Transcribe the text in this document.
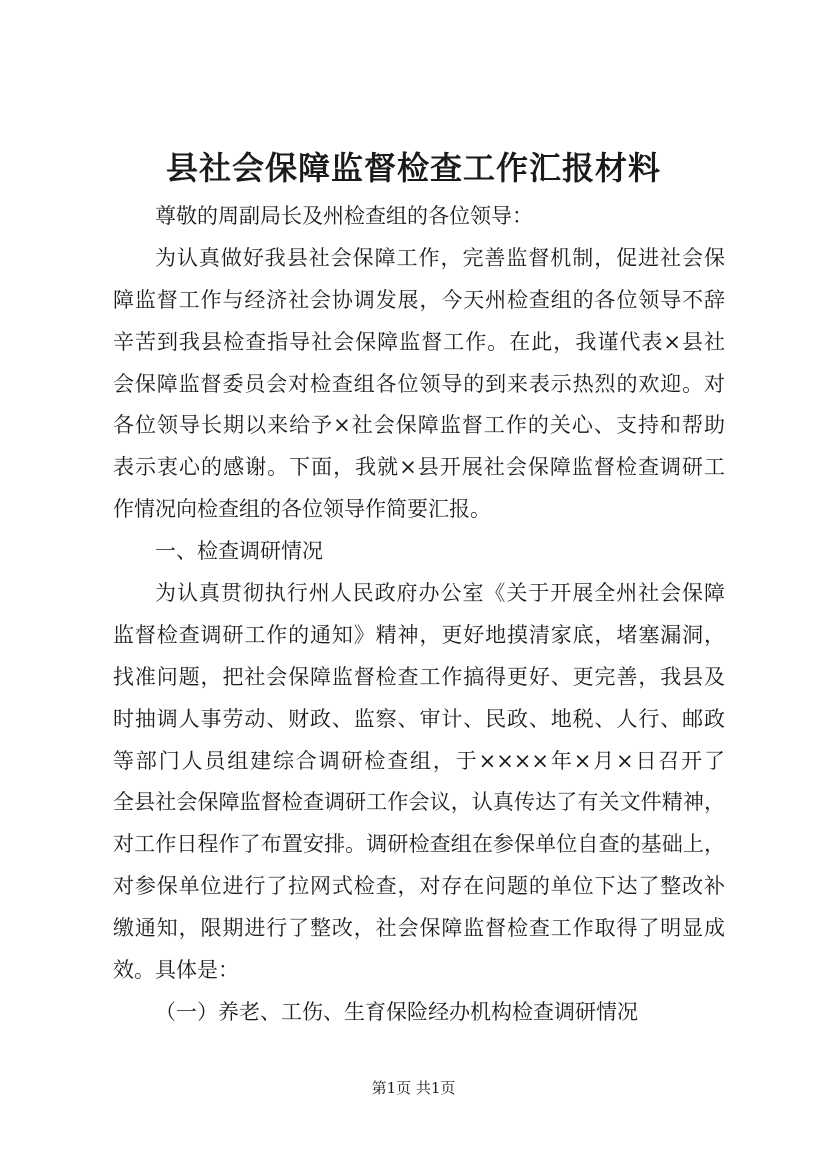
县社会保障监督检查工作汇报材料
尊敬的周副局长及州检查组的各位领导：
为认真做好我县社会保障工作，完善监督机制，促进社会保
障监督工作与经济社会协调发展，今天州检查组的各位领导不辞
辛苦到我县检查指导社会保障监督工作。在此，我谨代表×县社
会保障监督委员会对检查组各位领导的到来表示热烈的欢迎。对
各位领导长期以来给予×社会保障监督工作的关心、支持和帮助
表示衷心的感谢。下面，我就×县开展社会保障监督检查调研工
作情况向检查组的各位领导作简要汇报。
一、检查调研情况
为认真贯彻执行州人民政府办公室《关于开展全州社会保障
监督检查调研工作的通知》精神，更好地摸清家底，堵塞漏洞，
找准问题，把社会保障监督检查工作搞得更好、更完善，我县及
时抽调人事劳动、财政、监察、审计、民政、地税、人行、邮政
等部门人员组建综合调研检查组，于××××年×月×日召开了
全县社会保障监督检查调研工作会议，认真传达了有关文件精神，
对工作日程作了布置安排。调研检查组在参保单位自查的基础上，
对参保单位进行了拉网式检查，对存在问题的单位下达了整改补
缴通知，限期进行了整改，社会保障监督检查工作取得了明显成
效。具体是：
（一）养老、工伤、生育保险经办机构检查调研情况
第1页 共1页
